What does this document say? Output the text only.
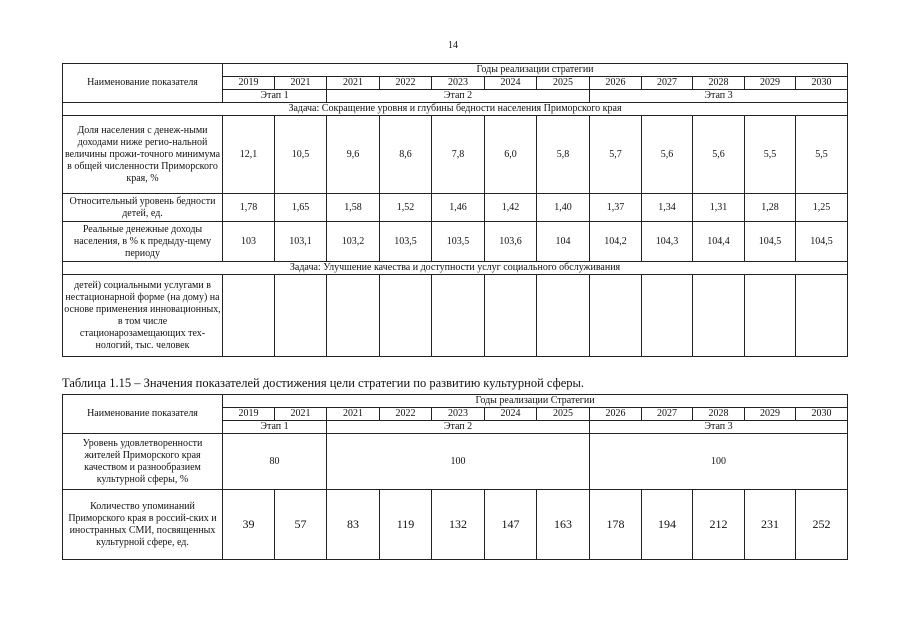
14
Наименование показателя	Годы реализации стратегии											
	2019	2021	2021	2022	2023	2024	2025	2026	2027	2028	2029	2030
	Этап 1		Этап 2					Этап 3				
Задача: Сокращение уровня и глубины бедности населения Приморского края												
Доля населения с денеж-ными доходами ниже регио-нальной величины прожи-точного минимума в общей численности Приморского края, %	12,1	10,5	9,6	8,6	7,8	6,0	5,8	5,7	5,6	5,6	5,5	5,5
Относительный уровень бедности детей, ед.	1,78	1,65	1,58	1,52	1,46	1,42	1,40	1,37	1,34	1,31	1,28	1,25
Реальные денежные доходы населения, в % к предыду-щему периоду	103	103,1	103,2	103,5	103,5	103,6	104	104,2	104,3	104,4	104,5	104,5
Задача: Улучшение качества и доступности услуг социального обслуживания												
детей) социальными услугами в нестационарной форме (на дому) на основе применения инновационных, в том числе стационарозамещающих тех-нологий, тыс. человек												
Таблица 1.15 – Значения показателей достижения цели стратегии по развитию культурной сферы.
Наименование показателя	Годы реализации Стратегии											
	2019	2021	2021	2022	2023	2024	2025	2026	2027	2028	2029	2030
	Этап 1		Этап 2					Этап 3				
Уровень удовлетворенности жителей Приморского края качеством и разнообразием культурной сферы, %	80		100					100				
Количество упоминаний Приморского края в россий-ских и иностранных СМИ, посвященных культурной сфере, ед.	39	57	83	119	132	147	163	178	194	212	231	252
